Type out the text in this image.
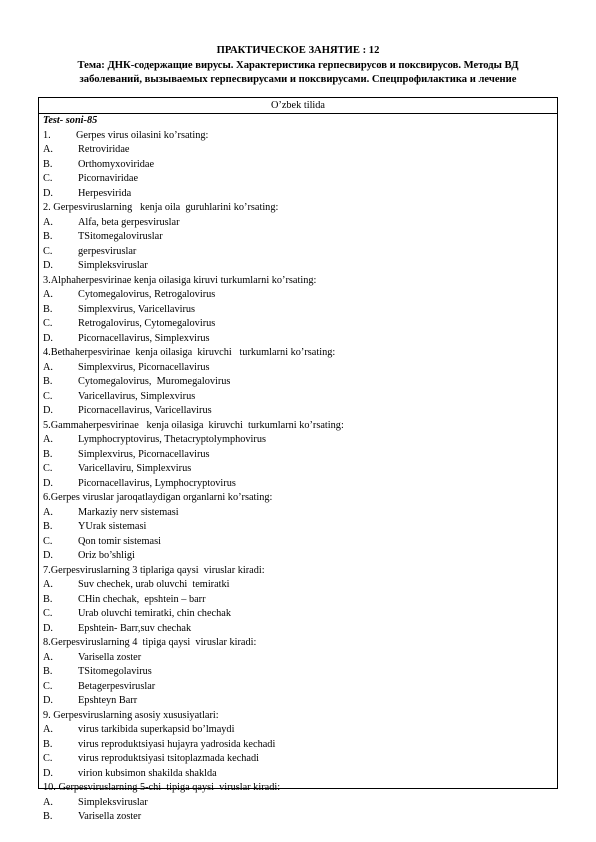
ПРАКТИЧЕСКОЕ ЗАНЯТИЕ : 12
Тема: ДНК-содержащие вирусы. Характеристика герпесвирусов и поксвирусов. Методы ВД
заболеваний, вызываемых герпесвирусами и поксвирусами. Спецпрофилактика и лечение
O’zbek tilida
Test- soni-85
1. Gerpes virus oilasini ko’rsating:
A. Retroviridae
B. Orthomyxoviridae
C. Picornaviridae
D. Herpesvirida
2. Gerpesviruslarning   kenja oila  guruhlarini ko’rsating:
A. Alfa, beta gerpesviruslar
B. TSitomegaloviruslar
C. gerpesviruslar
D. Simpleksviruslar
3.Alphaherpesvirinae kenja oilasiga kiruvi turkumlarni ko’rsating:
A. Cytomegalovirus, Retrogalovirus
B. Simplexvirus, Varicellavirus
C. Retrogalovirus, Cytomegalovirus
D. Picornacellavirus, Simplexvirus
4.Bethaherpesvirinae  kenja oilasiga  kiruvchi   turkumlarni ko’rsating:
A. Simplexvirus, Picornacellavirus
B. Cytomegalovirus,  Muromegalovirus
C. Varicellavirus, Simplexvirus
D. Picornacellavirus, Varicellavirus
5.Gammaherpesvirinae   kenja oilasiga  kiruvchi  turkumlarni ko’rsating:
A. Lymphocryptovirus, Thetacryptolymphovirus
B. Simplexvirus, Picornacellavirus
C. Varicellaviru, Simplexvirus
D. Picornacellavirus, Lymphocryptovirus
6.Gerpes viruslar jaroqatlaydigan organlarni ko’rsating:
A. Markaziy nerv sistemasi
B. YUrak sistemasi
C. Qon tomir sistemasi
D. Oriz bo’shligi
7.Gerpesviruslarning 3 tiplariga qaysi  viruslar kiradi:
A. Suv chechek, urab oluvchi  temiratki
B. CHin chechak,  epshtein – barr
C. Urab oluvchi temiratki, chin chechak
D. Epshtein- Barr,suv chechak
8.Gerpesviruslarning 4  tipiga qaysi  viruslar kiradi:
A. Varisella zoster
B. TSitomegolavirus
C. Betagerpesviruslar
D. Epshteyn Barr
9. Gerpesviruslarning asosiy xususiyatlari:
A. virus tarkibida superkapsid bo’lmaydi
B. virus reproduktsiyasi hujayra yadrosida kechadi
C. virus reproduktsiyasi tsitoplazmada kechadi
D. virion kubsimon shakilda shaklda
10. Gerpesviruslarning 5-chi  tipiga qaysi  viruslar kiradi:
A. Simpleksviruslar
B. Varisella zoster
